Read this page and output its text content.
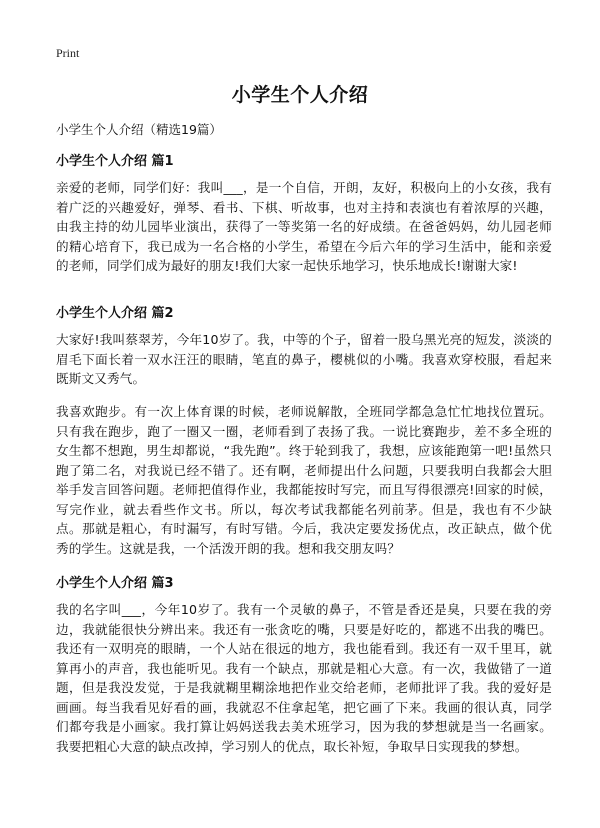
Print
小学生个人介绍
小学生个人介绍（精选19篇）
小学生个人介绍 篇1

亲爱的老师，同学们好：我叫___，是一个自信，开朗，友好，积极向上的小女孩，我有着广泛的兴趣爱好，弹琴、看书、下棋、听故事，也对主持和表演也有着浓厚的兴趣，由我主持的幼儿园毕业演出，获得了一等奖第一名的好成绩。在爸爸妈妈，幼儿园老师的精心培育下，我已成为一名合格的小学生，希望在今后六年的学习生活中，能和亲爱的老师，同学们成为最好的朋友!我们大家一起快乐地学习，快乐地成长!谢谢大家!

小学生个人介绍 篇2

大家好!我叫蔡翠芳，今年10岁了。我，中等的个子，留着一股乌黑光亮的短发，淡淡的眉毛下面长着一双水汪汪的眼睛，笔直的鼻子，樱桃似的小嘴。我喜欢穿校服，看起来既斯文又秀气。

我喜欢跑步。有一次上体育课的时候，老师说解散，全班同学都急急忙忙地找位置玩。只有我在跑步，跑了一圈又一圈，老师看到了表扬了我。一说比赛跑步，差不多全班的女生都不想跑，男生却都说，“我先跑”。终于轮到我了，我想，应该能跑第一吧!虽然只跑了第二名，对我说已经不错了。还有啊，老师提出什么问题，只要我明白我都会大胆举手发言回答问题。老师把值得作业，我都能按时写完，而且写得很漂亮!回家的时候，写完作业，就去看些作文书。所以，每次考试我都能名列前茅。但是，我也有不少缺点。那就是粗心，有时漏写，有时写错。今后，我决定要发扬优点，改正缺点，做个优秀的学生。这就是我，一个活泼开朗的我。想和我交朋友吗？

小学生个人介绍 篇3

我的名字叫___，今年10岁了。我有一个灵敏的鼻子，不管是香还是臭，只要在我的旁边，我就能很快分辨出来。我还有一张贪吃的嘴，只要是好吃的，都逃不出我的嘴巴。我还有一双明亮的眼睛，一个人站在很远的地方，我也能看到。我还有一双千里耳，就算再小的声音，我也能听见。我有一个缺点，那就是粗心大意。有一次，我做错了一道题，但是我没发觉，于是我就糊里糊涂地把作业交给老师，老师批评了我。我的爱好是画画。每当我看见好看的画，我就忍不住拿起笔，把它画了下来。我画的很认真，同学们都夸我是小画家。我打算让妈妈送我去美术班学习，因为我的梦想就是当一名画家。我要把粗心大意的缺点改掉，学习别人的优点，取长补短，争取早日实现我的梦想。
